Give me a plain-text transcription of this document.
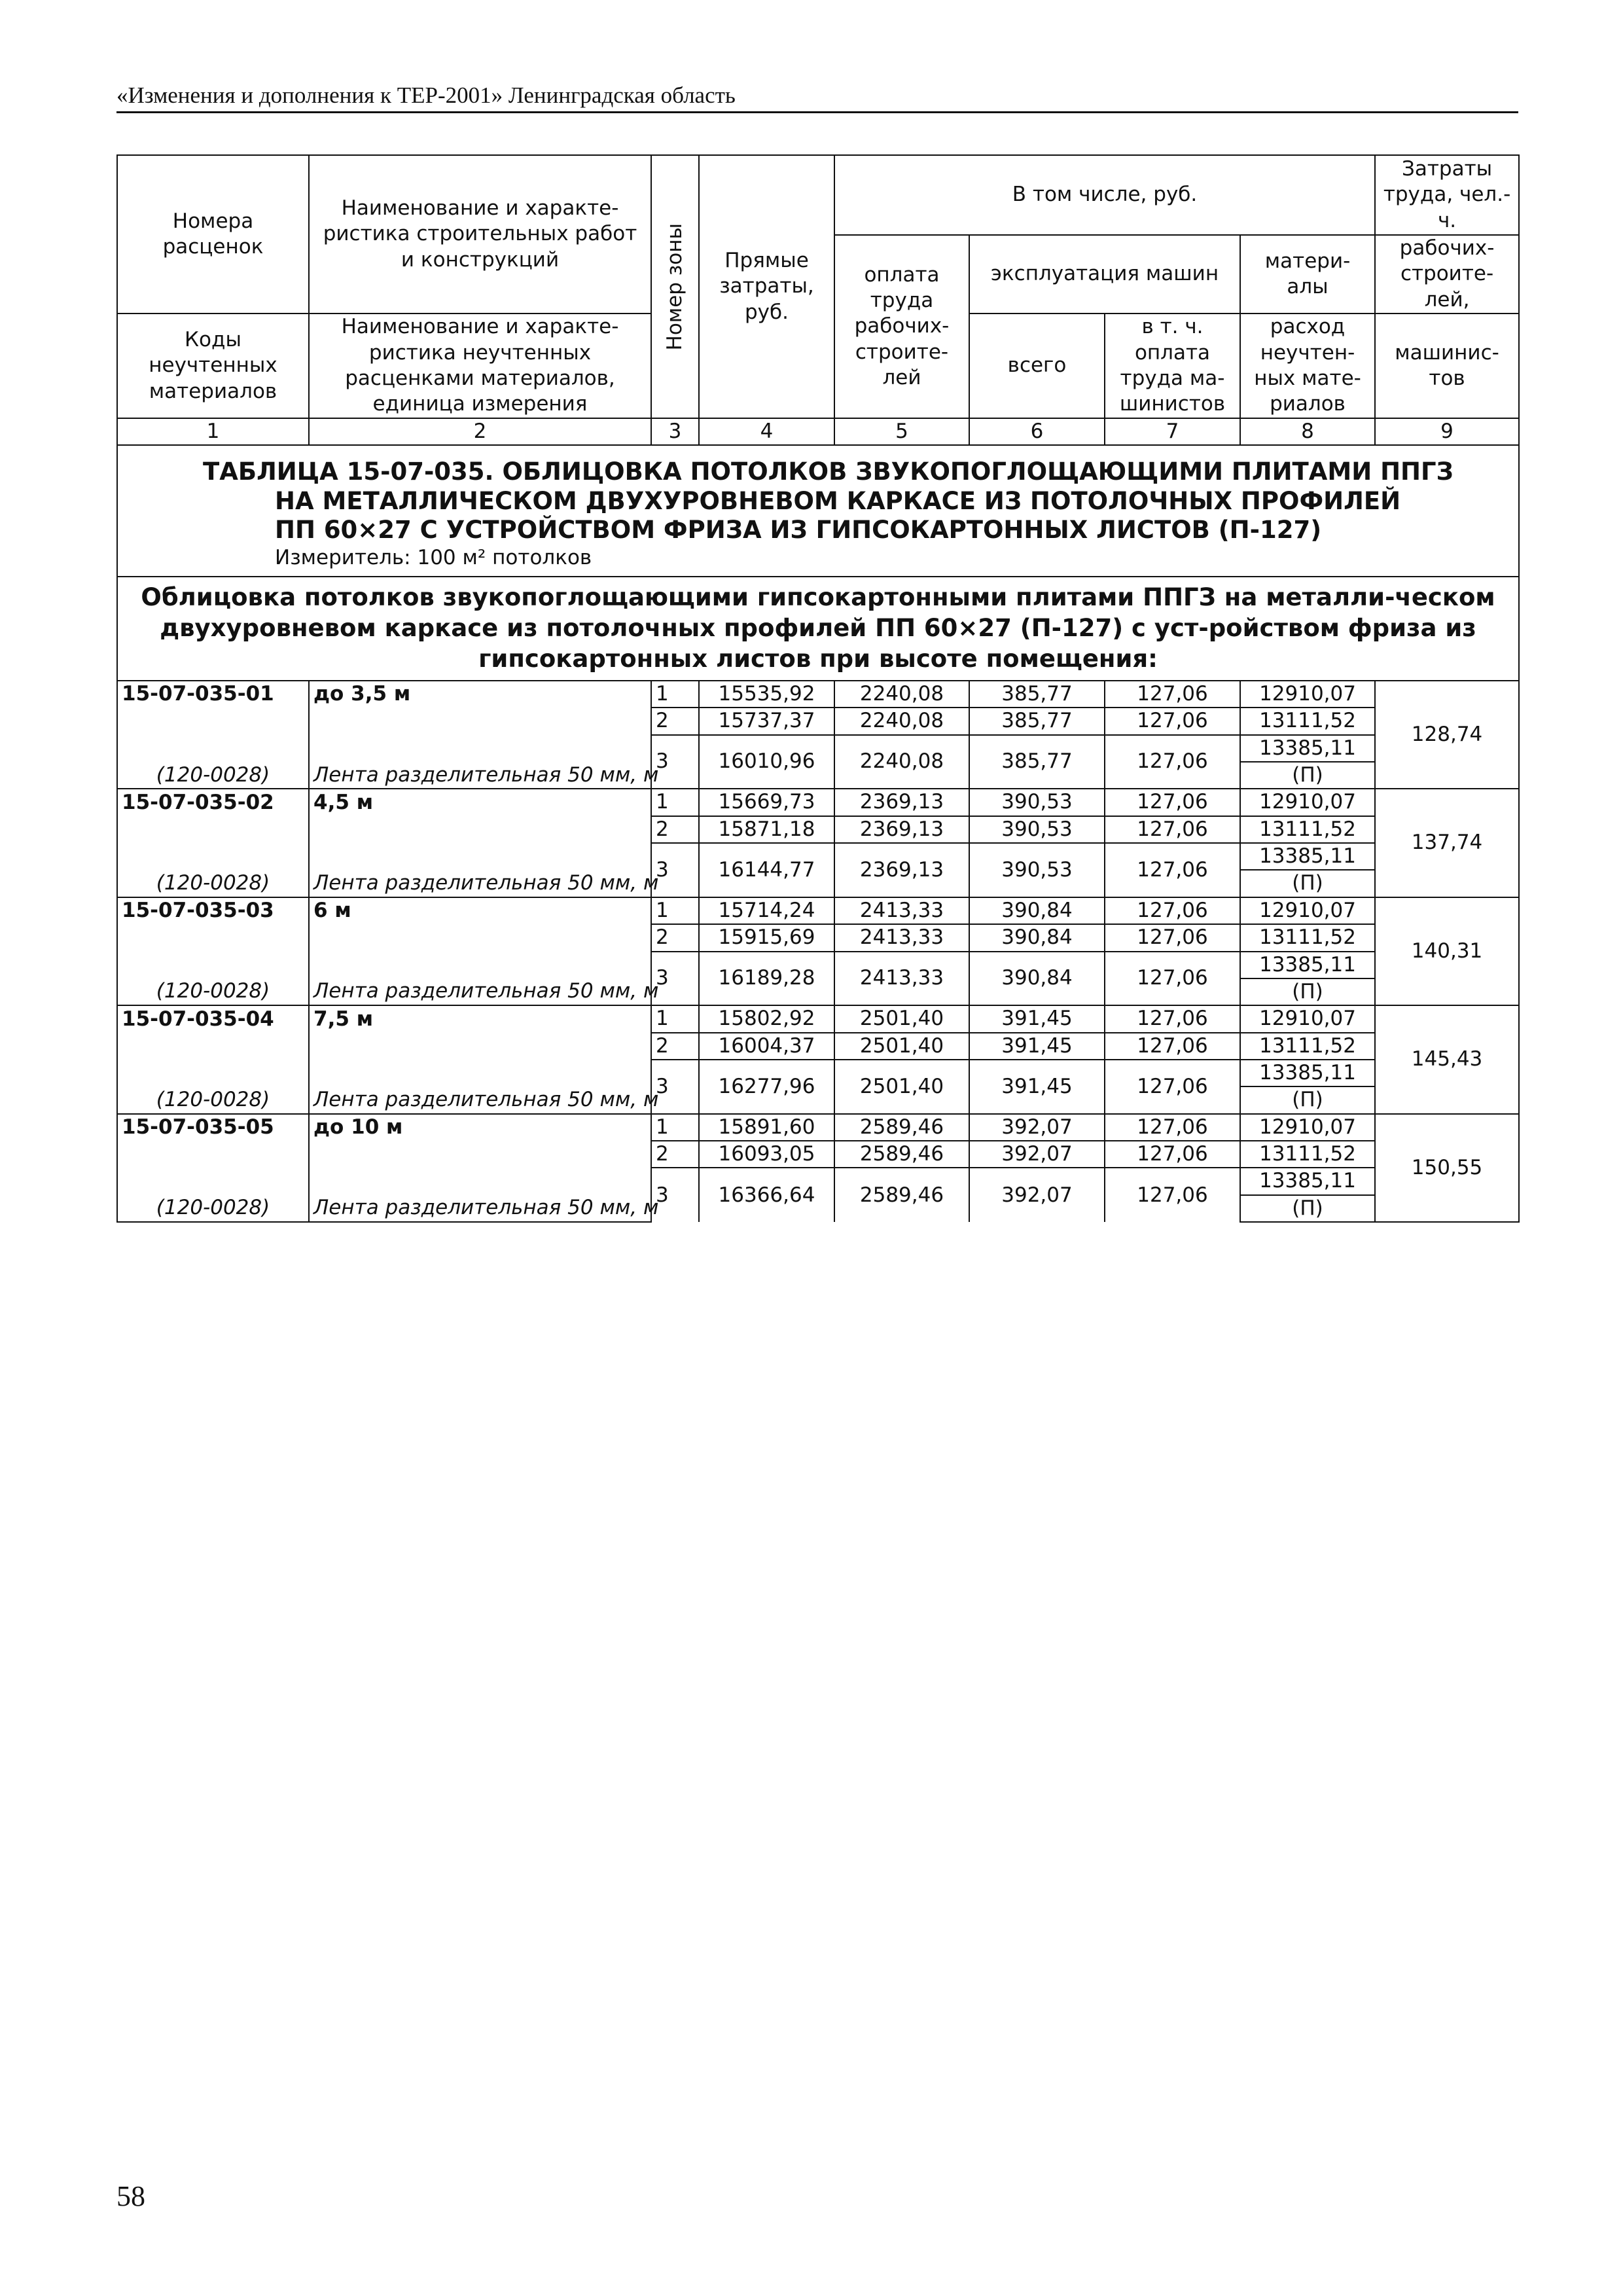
«Изменения и дополнения к ТЕР-2001» Ленинградская область
Номера расценок	Наименование и характе-ристика строительных работ и конструкций	Номер зоны	Прямые затраты, руб.	В том числе, руб.				Затраты труда, чел.-ч.
				оплата труда рабочих-строите-лей	эксплуатация машин		матери-алы	рабочих-строите-лей,
Коды неучтенных материалов	Наименование и характе-ристика неучтенных расценками материалов, единица измерения				всего	в т. ч. оплата труда ма-шинистов	расход неучтен-ных мате-риалов	машинис-тов

1	2	3	4	5	6	7	8	9

ТАБЛИЦА 15-07-035. ОБЛИЦОВКА ПОТОЛКОВ ЗВУКОПОГЛОЩАЮЩИМИ ПЛИТАМИ ППГЗ
НА МЕТАЛЛИЧЕСКОМ ДВУХУРОВНЕВОМ КАРКАСЕ ИЗ ПОТОЛОЧНЫХ ПРОФИЛЕЙ
ПП 60×27 С УСТРОЙСТВОМ ФРИЗА ИЗ ГИПСОКАРТОННЫХ ЛИСТОВ (П-127)
Измеритель: 100 м² потолков								

Облицовка потолков звукопоглощающими гипсокартонными плитами ППГЗ на металли-ческом двухуровневом каркасе из потолочных профилей ПП 60×27 (П-127) с уст-ройством фриза из гипсокартонных листов при высоте помещения:								
15-07-035-01	до 3,5 м	1	15535,92	2240,08	385,77	127,06	12910,07	128,74
		2	15737,37	2240,08	385,77	127,06	13111,52	
		3	16010,96	2240,08	385,77	127,06	13385,11	
(120-0028)	Лента разделительная 50 мм, м						(П)	
15-07-035-02	4,5 м	1	15669,73	2369,13	390,53	127,06	12910,07	137,74
		2	15871,18	2369,13	390,53	127,06	13111,52	
		3	16144,77	2369,13	390,53	127,06	13385,11	
(120-0028)	Лента разделительная 50 мм, м						(П)	
15-07-035-03	6 м	1	15714,24	2413,33	390,84	127,06	12910,07	140,31
		2	15915,69	2413,33	390,84	127,06	13111,52	
		3	16189,28	2413,33	390,84	127,06	13385,11	
(120-0028)	Лента разделительная 50 мм, м						(П)	
15-07-035-04	7,5 м	1	15802,92	2501,40	391,45	127,06	12910,07	145,43
		2	16004,37	2501,40	391,45	127,06	13111,52	
		3	16277,96	2501,40	391,45	127,06	13385,11	
(120-0028)	Лента разделительная 50 мм, м						(П)	
15-07-035-05	до 10 м	1	15891,60	2589,46	392,07	127,06	12910,07	150,55
		2	16093,05	2589,46	392,07	127,06	13111,52	
		3	16366,64	2589,46	392,07	127,06	13385,11	
(120-0028)	Лента разделительная 50 мм, м						(П)	
58
